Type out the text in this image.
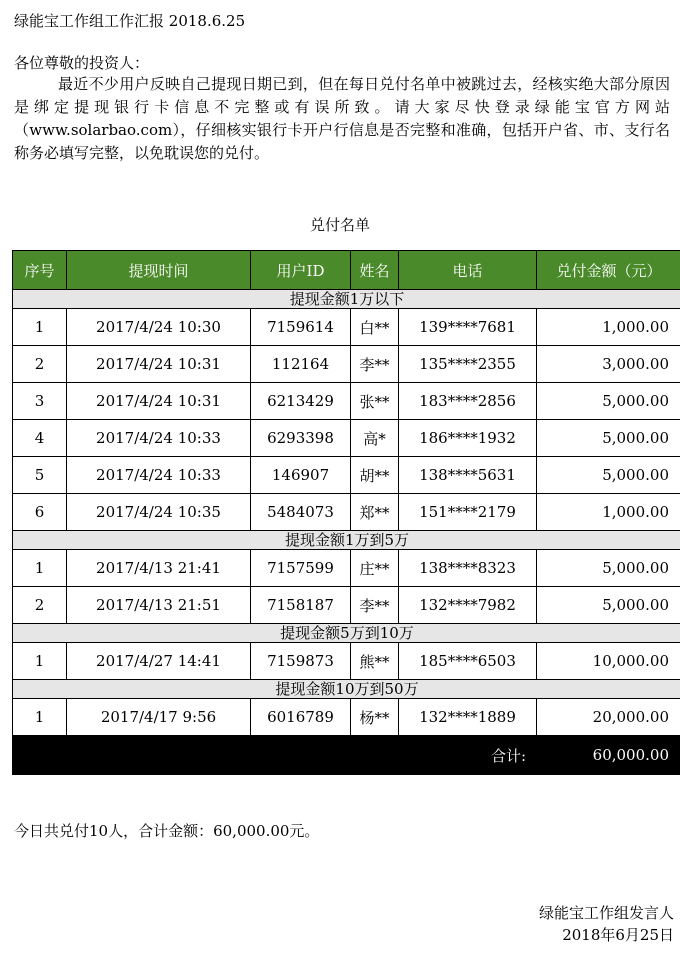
绿能宝工作组工作汇报 2018.6.25
各位尊敬的投资人：
最近不少用户反映自己提现日期已到，但在每日兑付名单中被跳过去，经核实绝大部分原因是绑定提现银行卡信息不完整或有误所致。请大家尽快登录绿能宝官方网站（www.solarbao.com），仔细核实银行卡开户行信息是否完整和准确，包括开户省、市、支行名称务必填写完整，以免耽误您的兑付。
兑付名单
序号	提现时间	用户ID	姓名	电话	兑付金额（元）
提现金额1万以下					
1	2017/4/24 10:30	7159614	白**	139****7681	1,000.00
2	2017/4/24 10:31	112164	李**	135****2355	3,000.00
3	2017/4/24 10:31	6213429	张**	183****2856	5,000.00
4	2017/4/24 10:33	6293398	高*	186****1932	5,000.00
5	2017/4/24 10:33	146907	胡**	138****5631	5,000.00
6	2017/4/24 10:35	5484073	郑**	151****2179	1,000.00
提现金额1万到5万					
1	2017/4/13 21:41	7157599	庄**	138****8323	5,000.00
2	2017/4/13 21:51	7158187	李**	132****7982	5,000.00
提现金额5万到10万					
1	2017/4/27 14:41	7159873	熊**	185****6503	10,000.00
提现金额10万到50万					
1	2017/4/17 9:56	6016789	杨**	132****1889	20,000.00
合计:					60,000.00
今日共兑付10人，合计金额：60,000.00元。
绿能宝工作组发言人
2018年6月25日
